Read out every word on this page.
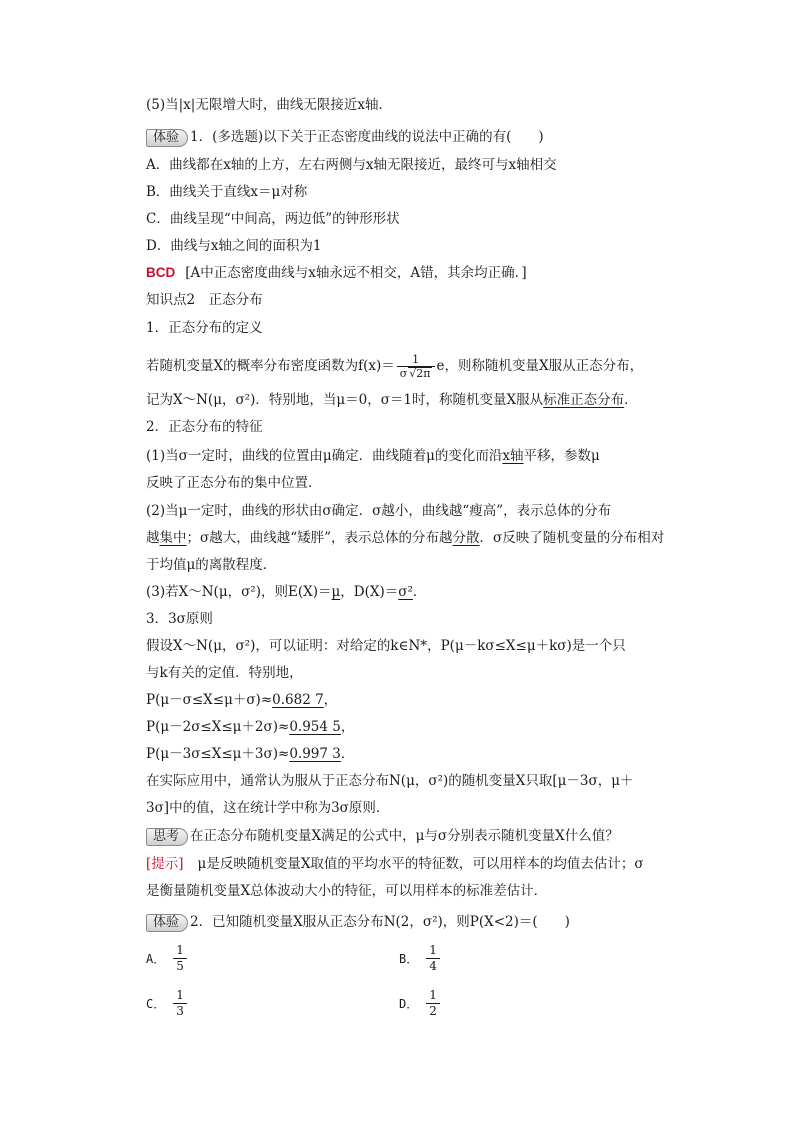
(5)当|x|无限增大时，曲线无限接近x轴．
体验 1．(多选题)以下关于正态密度曲线的说法中正确的有(　　)
A．曲线都在x轴的上方，左右两侧与x轴无限接近，最终可与x轴相交
B．曲线关于直线x＝μ对称
C．曲线呈现“中间高，两边低”的钟形形状
D．曲线与x轴之间的面积为1
BCD [A中正态密度曲线与x轴永远不相交，A错，其余均正确．]
知识点2　正态分布
1．正态分布的定义
若随机变量X的概率分布密度函数为$f(x)= \frac{1}{\sigma √2\pi}$ e，则称随机变量X服从正态分布，
记为X～N(μ，σ²)．特别地，当μ＝0，σ＝1时，称随机变量X服从标准正态分布．
2．正态分布的特征
(1)当σ一定时，曲线的位置由μ确定．曲线随着μ的变化而沿x轴平移，参数μ
反映了正态分布的集中位置．
(2)当μ一定时，曲线的形状由σ确定．σ越小，曲线越“瘦高”，表示总体的分布
越集中；σ越大，曲线越“矮胖”，表示总体的分布越分散．σ反映了随机变量的分布相对
于均值μ的离散程度．
(3)若X～N(μ，σ²)，则E(X)＝μ，D(X)＝σ²．
3．3σ原则
假设X～N(μ，σ²)，可以证明：对给定的k∈N*，P(μ－kσ≤X≤μ＋kσ)是一个只
与k有关的定值．特别地，
P(μ－σ≤X≤μ＋σ)≈0.682 7，
P(μ－2σ≤X≤μ＋2σ)≈0.954 5，
P(μ－3σ≤X≤μ＋3σ)≈0.997 3．
在实际应用中，通常认为服从于正态分布N(μ，σ²)的随机变量X只取[μ－3σ，μ＋
3σ]中的值，这在统计学中称为3σ原则．
思考 在正态分布随机变量X满足的公式中，μ与σ分别表示随机变量X什么值？
[提示] μ是反映随机变量X取值的平均水平的特征数，可以用样本的均值去估计；σ
是衡量随机变量X总体波动大小的特征，可以用样本的标准差估计．
体验 2．已知随机变量X服从正态分布N(2，σ²)，则P(X<2)＝(　　)
A． $\frac{1}{5}$	B． $\frac{1}{4}$
C． $\frac{1}{3}$	D． $\frac{1}{2}$
